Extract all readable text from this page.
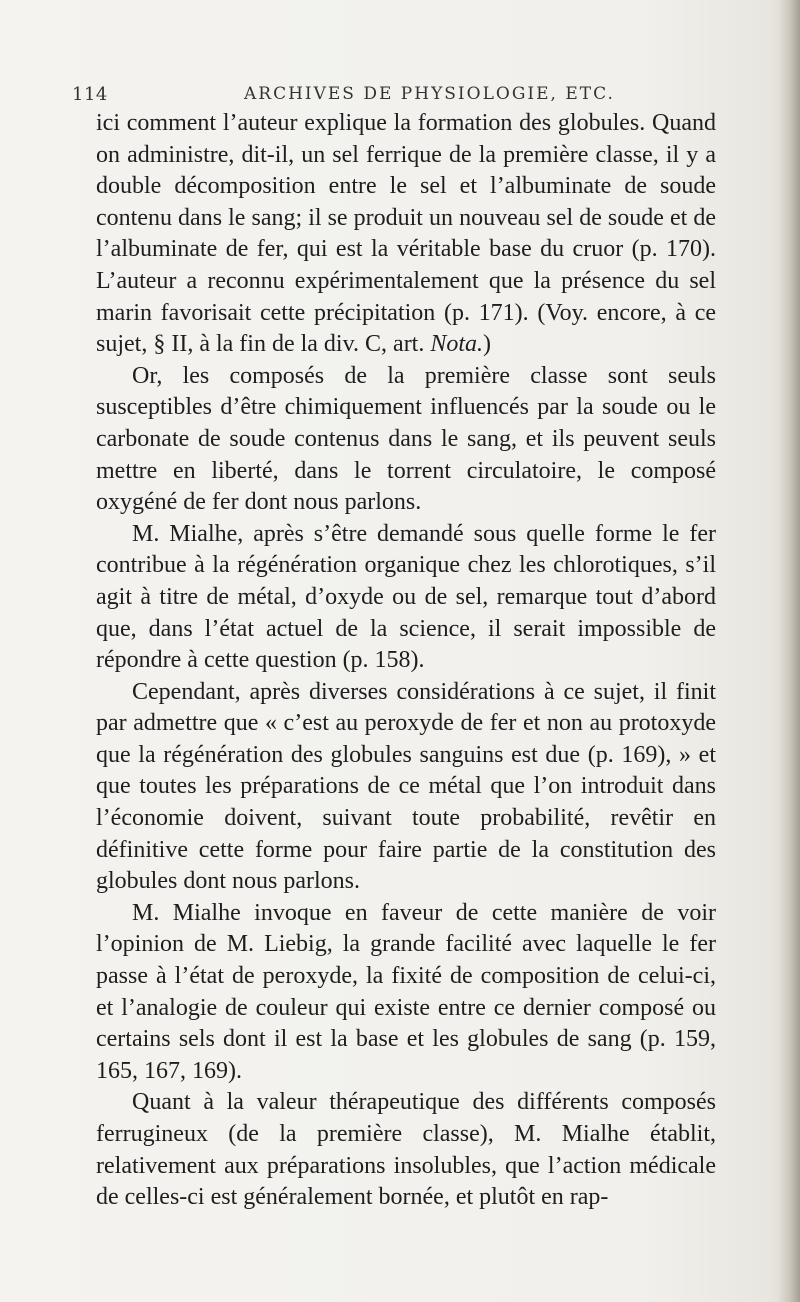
114	ARCHIVES DE PHYSIOLOGIE, ETC.

ici comment l’auteur explique la formation des globules. Quand on administre, dit-il, un sel ferrique de la première classe, il y a double décomposition entre le sel et l’albuminate de soude contenu dans le sang; il se produit un nouveau sel de soude et de l’albuminate de fer, qui est la véritable base du cruor (p. 170). L’auteur a reconnu expérimentalement que la présence du sel marin favorisait cette précipitation (p. 171). (Voy. encore, à ce sujet, § II, à la fin de la div. C, art. Nota.)

Or, les composés de la première classe sont seuls susceptibles d’être chimiquement influencés par la soude ou le carbonate de soude contenus dans le sang, et ils peuvent seuls mettre en liberté, dans le torrent circulatoire, le composé oxygéné de fer dont nous parlons.

M. Mialhe, après s’être demandé sous quelle forme le fer contribue à la régénération organique chez les chlorotiques, s’il agit à titre de métal, d’oxyde ou de sel, remarque tout d’abord que, dans l’état actuel de la science, il serait impossible de répondre à cette question (p. 158).

Cependant, après diverses considérations à ce sujet, il finit par admettre que « c’est au peroxyde de fer et non au protoxyde que la régénération des globules sanguins est due (p. 169), » et que toutes les préparations de ce métal que l’on introduit dans l’économie doivent, suivant toute probabilité, revêtir en définitive cette forme pour faire partie de la constitution des globules dont nous parlons.

M. Mialhe invoque en faveur de cette manière de voir l’opinion de M. Liebig, la grande facilité avec laquelle le fer passe à l’état de peroxyde, la fixité de composition de celui-ci, et l’analogie de couleur qui existe entre ce dernier composé ou certains sels dont il est la base et les globules de sang (p. 159, 165, 167, 169).

Quant à la valeur thérapeutique des différents composés ferrugineux (de la première classe), M. Mialhe établit, relativement aux préparations insolubles, que l’action médicale de celles-ci est généralement bornée, et plutôt en rap-
